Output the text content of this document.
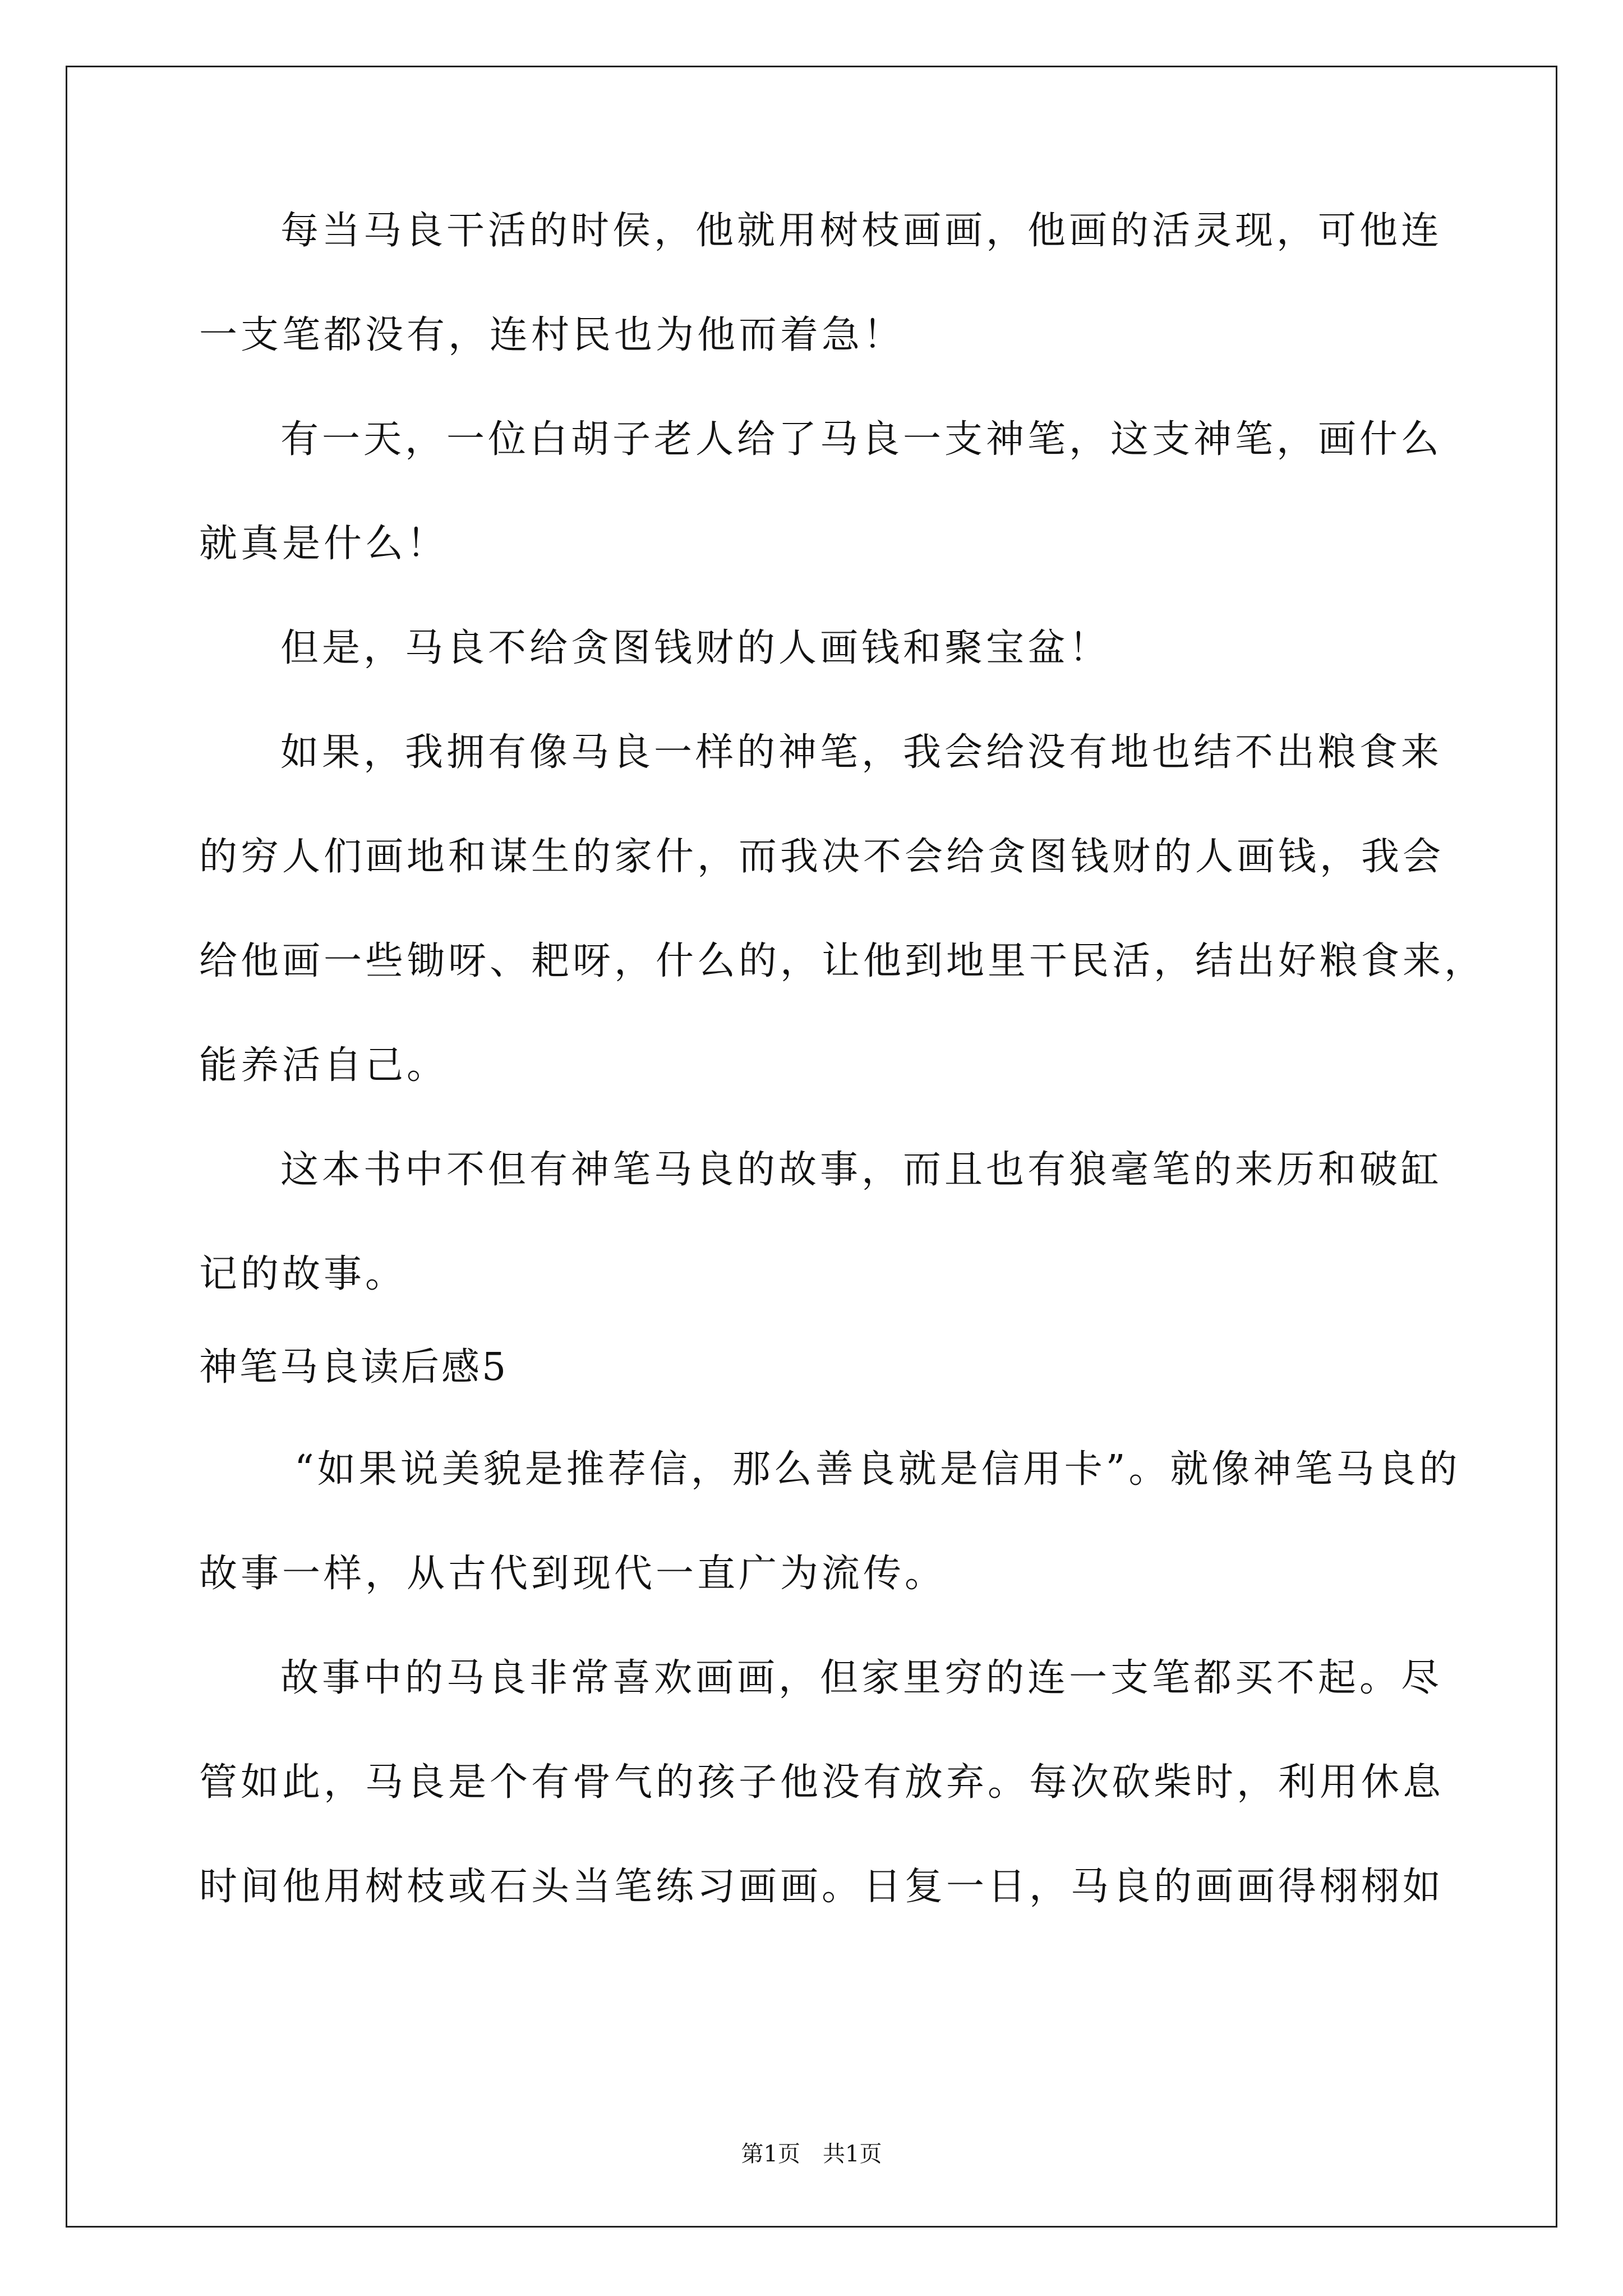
每当马良干活的时侯，他就用树枝画画，他画的活灵现，可他连
一支笔都没有，连村民也为他而着急！
有一天，一位白胡子老人给了马良一支神笔，这支神笔，画什么
就真是什么！
但是，马良不给贪图钱财的人画钱和聚宝盆！
如果，我拥有像马良一样的神笔，我会给没有地也结不出粮食来
的穷人们画地和谋生的家什，而我决不会给贪图钱财的人画钱，我会
给他画一些锄呀、耙呀，什么的，让他到地里干民活，结出好粮食来，
能养活自己。
这本书中不但有神笔马良的故事，而且也有狼毫笔的来历和破缸
记的故事。
神笔马良读后感5
“如果说美貌是推荐信，那么善良就是信用卡”。就像神笔马良的
故事一样，从古代到现代一直广为流传。
故事中的马良非常喜欢画画，但家里穷的连一支笔都买不起。尽
管如此，马良是个有骨气的孩子他没有放弃。每次砍柴时，利用休息
时间他用树枝或石头当笔练习画画。日复一日，马良的画画得栩栩如
第1页　共1页
